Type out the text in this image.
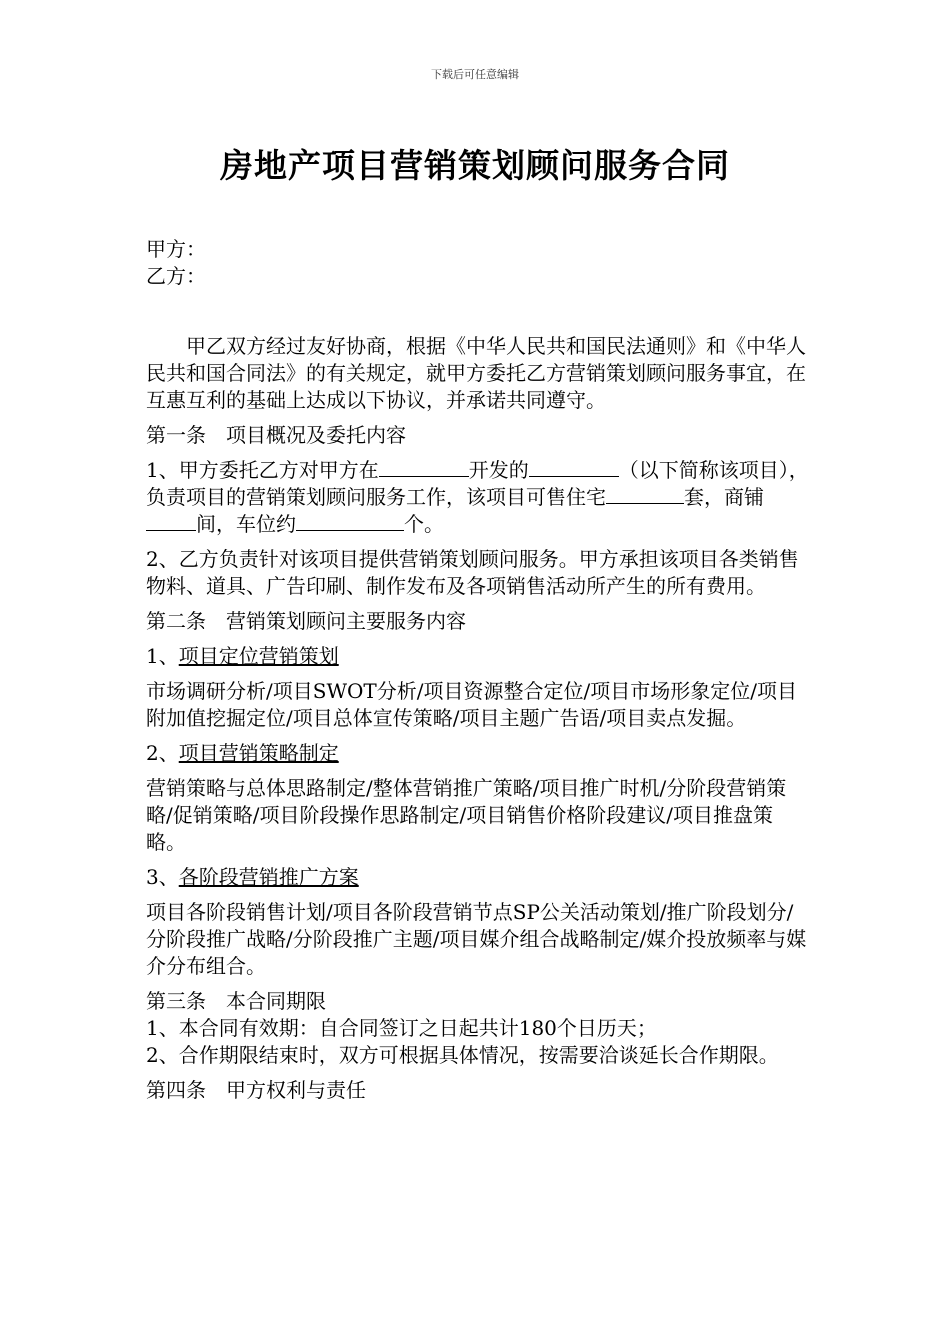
下载后可任意编辑
房地产项目营销策划顾问服务合同

甲方：

乙方：

甲乙双方经过友好协商，根据《中华人民共和国民法通则》和《中华人民共和国合同法》的有关规定，就甲方委托乙方营销策划顾问服务事宜，在互惠互利的基础上达成以下协议，并承诺共同遵守。

第一条 项目概况及委托内容

1、甲方委托乙方对甲方在	开发的	（以下简称该项目），负责项目的营销策划顾问服务工作，该项目可售住宅	套，商铺间，车位约	个。

2、乙方负责针对该项目提供营销策划顾问服务。甲方承担该项目各类销售物料、道具、广告印刷、制作发布及各项销售活动所产生的所有费用。

第二条 营销策划顾问主要服务内容

1、项目定位营销策划

市场调研分析/项目SWOT分析/项目资源整合定位/项目市场形象定位/项目附加值挖掘定位/项目总体宣传策略/项目主题广告语/项目卖点发掘。

2、项目营销策略制定

营销策略与总体思路制定/整体营销推广策略/项目推广时机/分阶段营销策略/促销策略/项目阶段操作思路制定/项目销售价格阶段建议/项目推盘策略。

3、各阶段营销推广方案

项目各阶段销售计划/项目各阶段营销节点SP公关活动策划/推广阶段划分/分阶段推广战略/分阶段推广主题/项目媒介组合战略制定/媒介投放频率与媒介分布组合。

第三条 本合同期限

1、本合同有效期：自合同签订之日起共计180个日历天；

2、合作期限结束时，双方可根据具体情况，按需要洽谈延长合作期限。

第四条 甲方权利与责任
